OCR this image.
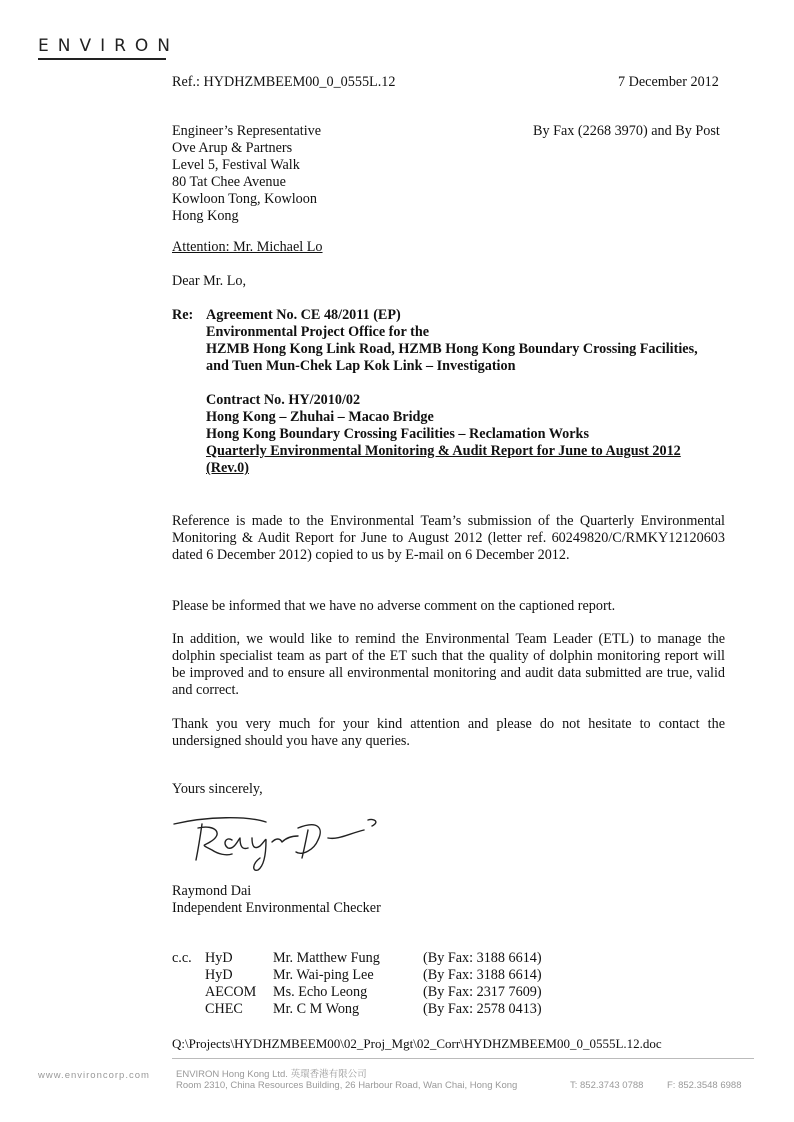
ENVIRON
Ref.: HYDHZMBEEM00_0_0555L.12	7 December 2012
Engineer’s Representative
Ove Arup & Partners
Level 5, Festival Walk
80 Tat Chee Avenue
Kowloon Tong, Kowloon
Hong Kong
By Fax (2268 3970) and By Post
Attention: Mr. Michael Lo
Dear Mr. Lo,
Re: Agreement No. CE 48/2011 (EP)
Environmental Project Office for the
HZMB Hong Kong Link Road, HZMB Hong Kong Boundary Crossing Facilities,
and Tuen Mun-Chek Lap Kok Link – Investigation
Contract No. HY/2010/02
Hong Kong – Zhuhai – Macao Bridge
Hong Kong Boundary Crossing Facilities – Reclamation Works
Quarterly Environmental Monitoring & Audit Report for June to August 2012
(Rev.0)
Reference is made to the Environmental Team’s submission of the Quarterly Environmental Monitoring & Audit Report for June to August 2012 (letter ref. 60249820/C/RMKY12120603 dated 6 December 2012) copied to us by E-mail on 6 December 2012.
Please be informed that we have no adverse comment on the captioned report.
In addition, we would like to remind the Environmental Team Leader (ETL) to manage the dolphin specialist team as part of the ET such that the quality of dolphin monitoring report will be improved and to ensure all environmental monitoring and audit data submitted are true, valid and correct.
Thank you very much for your kind attention and please do not hesitate to contact the undersigned should you have any queries.
Yours sincerely,
Raymond Dai
Independent Environmental Checker
c.c. HyD	Mr. Matthew Fung	(By Fax: 3188 6614)
HyD	Mr. Wai-ping Lee	(By Fax: 3188 6614)
AECOM	Ms. Echo Leong	(By Fax: 2317 7609)
CHEC	Mr. C M Wong	(By Fax: 2578 0413)
Q:\Projects\HYDHZMBEEM00\02_Proj_Mgt\02_Corr\HYDHZMBEEM00_0_0555L.12.doc
www.environcorp.com	ENVIRON Hong Kong Ltd. 英環香港有限公司
Room 2310, China Resources Building, 26 Harbour Road, Wan Chai, Hong Kong	T: 852.3743 0788 F: 852.3548 6988
